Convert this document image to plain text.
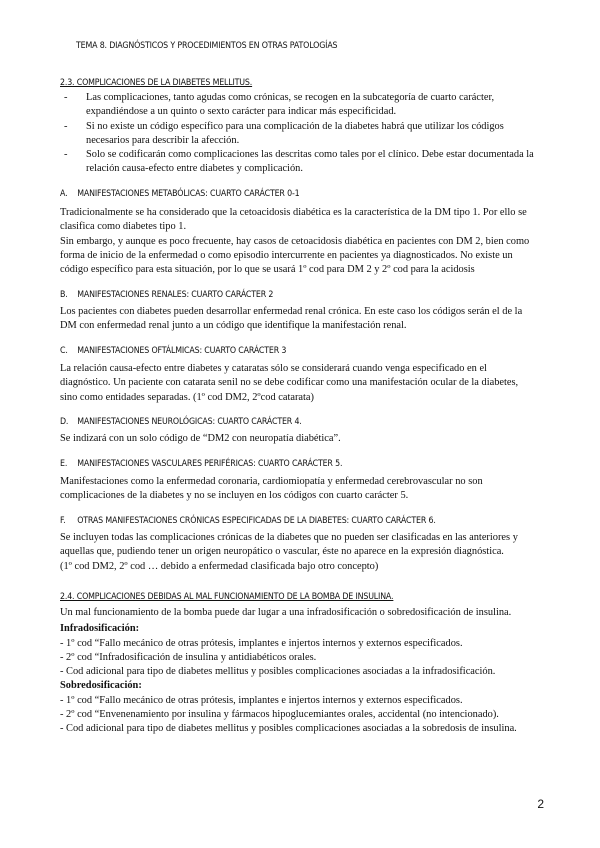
TEMA 8. DIAGNÓSTICOS Y PROCEDIMIENTOS EN OTRAS PATOLOGÍAS
2.3. COMPLICACIONES DE LA DIABETES MELLITUS.
- Las complicaciones, tanto agudas como crónicas, se recogen en la subcategoría de cuarto carácter,
expandiéndose a un quinto o sexto carácter para indicar más especificidad.
- Si no existe un código específico para una complicación de la diabetes habrá que utilizar los códigos
necesarios para describir la afección.
- Solo se codificarán como complicaciones las descritas como tales por el clínico. Debe estar documentada la
relación causa-efecto entre diabetes y complicación.
A. MANIFESTACIONES METABÓLICAS: CUARTO CARÁCTER 0-1
Tradicionalmente se ha considerado que la cetoacidosis diabética es la característica de la DM tipo 1. Por ello se
clasifica como diabetes tipo 1.
Sin embargo, y aunque es poco frecuente, hay casos de cetoacidosis diabética en pacientes con DM 2, bien como
forma de inicio de la enfermedad o como episodio intercurrente en pacientes ya diagnosticados. No existe un
código específico para esta situación, por lo que se usará 1º cod para DM 2 y 2º cod para la acidosis
B. MANIFESTACIONES RENALES: CUARTO CARÁCTER 2
Los pacientes con diabetes pueden desarrollar enfermedad renal crónica. En este caso los códigos serán el de la
DM con enfermedad renal junto a un código que identifique la manifestación renal.
C. MANIFESTACIONES OFTÁLMICAS: CUARTO CARÁCTER 3
La relación causa-efecto entre diabetes y cataratas sólo se considerará cuando venga especificado en el
diagnóstico. Un paciente con catarata senil no se debe codificar como una manifestación ocular de la diabetes,
sino como entidades separadas. (1º cod DM2, 2ºcod catarata)
D. MANIFESTACIONES NEUROLÓGICAS: CUARTO CARÁCTER 4.
Se indizará con un solo código de “DM2 con neuropatía diabética”.
E. MANIFESTACIONES VASCULARES PERIFÉRICAS: CUARTO CARÁCTER 5.
Manifestaciones como la enfermedad coronaria, cardiomiopatía y enfermedad cerebrovascular no son
complicaciones de la diabetes y no se incluyen en los códigos con cuarto carácter 5.
F. OTRAS MANIFESTACIONES CRÓNICAS ESPECIFICADAS DE LA DIABETES: CUARTO CARÁCTER 6.
Se incluyen todas las complicaciones crónicas de la diabetes que no pueden ser clasificadas en las anteriores y
aquellas que, pudiendo tener un origen neuropático o vascular, éste no aparece en la expresión diagnóstica.
(1º cod DM2, 2º cod … debido a enfermedad clasificada bajo otro concepto)
2.4. COMPLICACIONES DEBIDAS AL MAL FUNCIONAMIENTO DE LA BOMBA DE INSULINA.
Un mal funcionamiento de la bomba puede dar lugar a una infradosificación o sobredosificación de insulina.
Infradosificación:
- 1º cod “Fallo mecánico de otras prótesis, implantes e injertos internos y externos especificados.
- 2º cod “Infradosificación de insulina y antidiabéticos orales.
- Cod adicional para tipo de diabetes mellitus y posibles complicaciones asociadas a la infradosificación.
Sobredosificación:
- 1º cod “Fallo mecánico de otras prótesis, implantes e injertos internos y externos especificados.
- 2º cod “Envenenamiento por insulina y fármacos hipoglucemiantes orales, accidental (no intencionado).
- Cod adicional para tipo de diabetes mellitus y posibles complicaciones asociadas a la sobredosis de insulina.
2
